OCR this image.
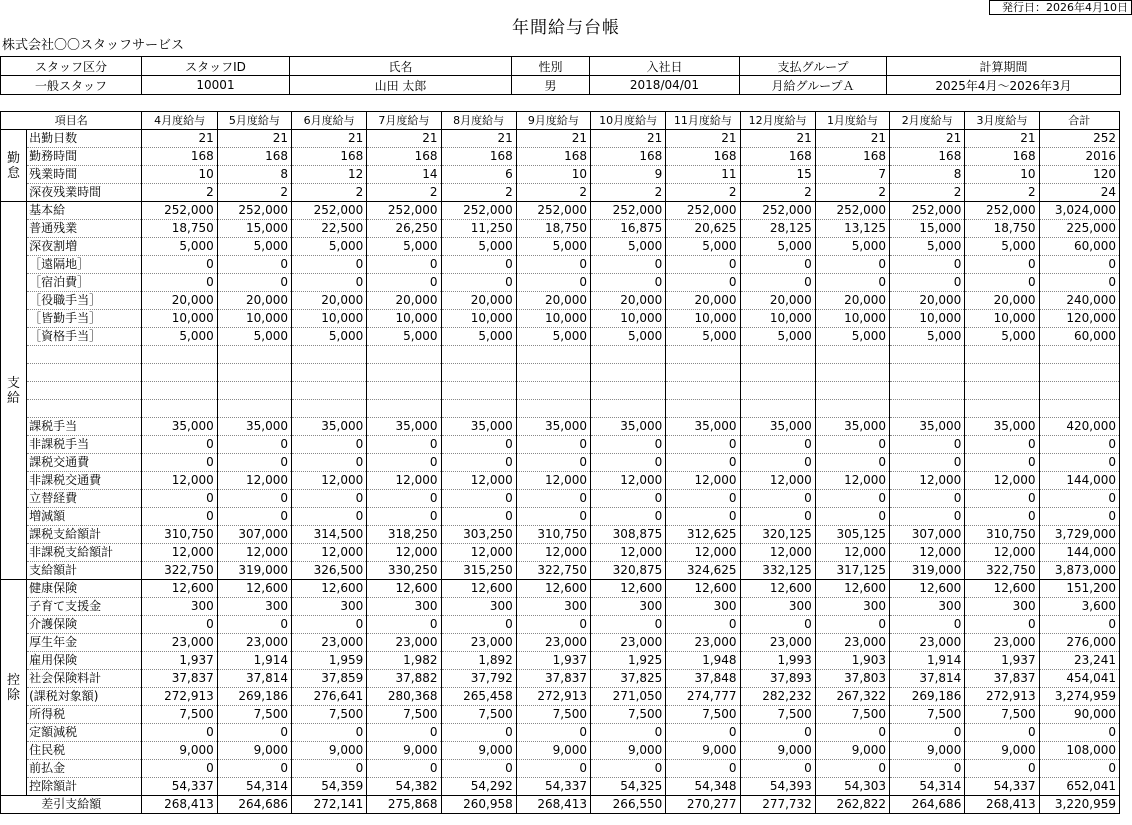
発行日：2026年4月10日
年間給与台帳
株式会社〇〇スタッフサービス
スタッフ区分	スタッフID	氏名	性別	入社日	支払グループ	計算期間
一般スタッフ	10001	山田 太郎	男	2018/04/01	月給グループＡ	2025年4月～2026年3月
項目名		4月度給与	5月度給与	6月度給与	7月度給与	8月度給与	9月度給与	10月度給与	11月度給与	12月度給与	1月度給与	2月度給与	3月度給与	合計
勤怠	出勤日数	21	21	21	21	21	21	21	21	21	21	21	21	252
	勤務時間	168	168	168	168	168	168	168	168	168	168	168	168	2016
	残業時間	10	8	12	14	6	10	9	11	15	7	8	10	120
	深夜残業時間	2	2	2	2	2	2	2	2	2	2	2	2	24
支給	基本給	252,000	252,000	252,000	252,000	252,000	252,000	252,000	252,000	252,000	252,000	252,000	252,000	3,024,000
	普通残業	18,750	15,000	22,500	26,250	11,250	18,750	16,875	20,625	28,125	13,125	15,000	18,750	225,000
	深夜割増	5,000	5,000	5,000	5,000	5,000	5,000	5,000	5,000	5,000	5,000	5,000	5,000	60,000
	［遠隔地］	0	0	0	0	0	0	0	0	0	0	0	0	0
	［宿泊費］	0	0	0	0	0	0	0	0	0	0	0	0	0
	［役職手当］	20,000	20,000	20,000	20,000	20,000	20,000	20,000	20,000	20,000	20,000	20,000	20,000	240,000
	［皆勤手当］	10,000	10,000	10,000	10,000	10,000	10,000	10,000	10,000	10,000	10,000	10,000	10,000	120,000
	［資格手当］	5,000	5,000	5,000	5,000	5,000	5,000	5,000	5,000	5,000	5,000	5,000	5,000	60,000

	課税手当	35,000	35,000	35,000	35,000	35,000	35,000	35,000	35,000	35,000	35,000	35,000	35,000	420,000
	非課税手当	0	0	0	0	0	0	0	0	0	0	0	0	0
	課税交通費	0	0	0	0	0	0	0	0	0	0	0	0	0
	非課税交通費	12,000	12,000	12,000	12,000	12,000	12,000	12,000	12,000	12,000	12,000	12,000	12,000	144,000
	立替経費	0	0	0	0	0	0	0	0	0	0	0	0	0
	増減額	0	0	0	0	0	0	0	0	0	0	0	0	0
	課税支給額計	310,750	307,000	314,500	318,250	303,250	310,750	308,875	312,625	320,125	305,125	307,000	310,750	3,729,000
	非課税支給額計	12,000	12,000	12,000	12,000	12,000	12,000	12,000	12,000	12,000	12,000	12,000	12,000	144,000
	支給額計	322,750	319,000	326,500	330,250	315,250	322,750	320,875	324,625	332,125	317,125	319,000	322,750	3,873,000
控除	健康保険	12,600	12,600	12,600	12,600	12,600	12,600	12,600	12,600	12,600	12,600	12,600	12,600	151,200
	子育て支援金	300	300	300	300	300	300	300	300	300	300	300	300	3,600
	介護保険	0	0	0	0	0	0	0	0	0	0	0	0	0
	厚生年金	23,000	23,000	23,000	23,000	23,000	23,000	23,000	23,000	23,000	23,000	23,000	23,000	276,000
	雇用保険	1,937	1,914	1,959	1,982	1,892	1,937	1,925	1,948	1,993	1,903	1,914	1,937	23,241
	社会保険料計	37,837	37,814	37,859	37,882	37,792	37,837	37,825	37,848	37,893	37,803	37,814	37,837	454,041
	(課税対象額)	272,913	269,186	276,641	280,368	265,458	272,913	271,050	274,777	282,232	267,322	269,186	272,913	3,274,959
	所得税	7,500	7,500	7,500	7,500	7,500	7,500	7,500	7,500	7,500	7,500	7,500	7,500	90,000
	定額減税	0	0	0	0	0	0	0	0	0	0	0	0	0
	住民税	9,000	9,000	9,000	9,000	9,000	9,000	9,000	9,000	9,000	9,000	9,000	9,000	108,000
	前払金	0	0	0	0	0	0	0	0	0	0	0	0	0
	控除額計	54,337	54,314	54,359	54,382	54,292	54,337	54,325	54,348	54,393	54,303	54,314	54,337	652,041
差引支給額		268,413	264,686	272,141	275,868	260,958	268,413	266,550	270,277	277,732	262,822	264,686	268,413	3,220,959
